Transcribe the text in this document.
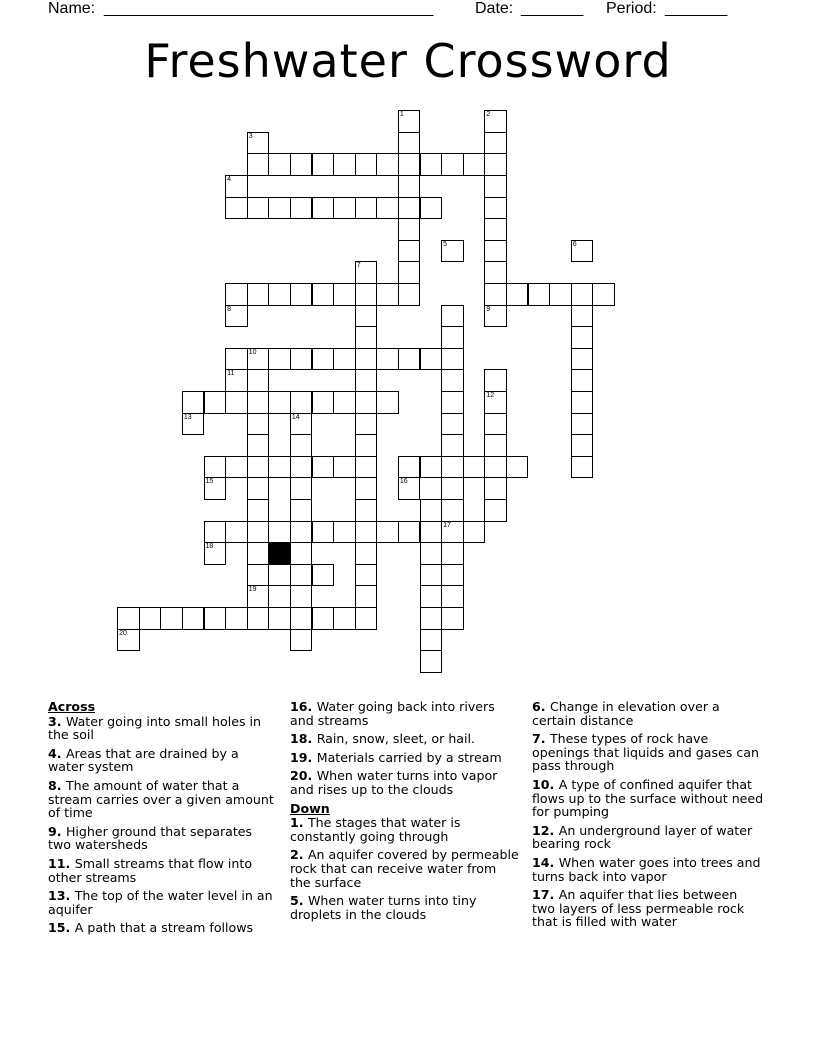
Name: _____________________________________	Date: _______ Period: _______
Freshwater Crossword
1
9
17
10
14
12
2
3
4
5	6
7
8
11
13
15	16
18
19
20
Across
3. Water going into small holes in the soil
4. Areas that are drained by a water system
8. The amount of water that a stream carries over a given amount of time
9. Higher ground that separates two watersheds
11. Small streams that flow into other streams
13. The top of the water level in an aquifer
15. A path that a stream follows
16. Water going back into rivers and streams
18. Rain, snow, sleet, or hail.
19. Materials carried by a stream
20. When water turns into vapor and rises up to the clouds
Down
1. The stages that water is constantly going through
2. An aquifer covered by permeable rock that can receive water from the surface
5. When water turns into tiny droplets in the clouds
6. Change in elevation over a certain distance
7. These types of rock have openings that liquids and gases can pass through
10. A type of confined aquifer that flows up to the surface without need for pumping
12. An underground layer of water bearing rock
14. When water goes into trees and turns back into vapor
17. An aquifer that lies between two layers of less permeable rock that is filled with water
